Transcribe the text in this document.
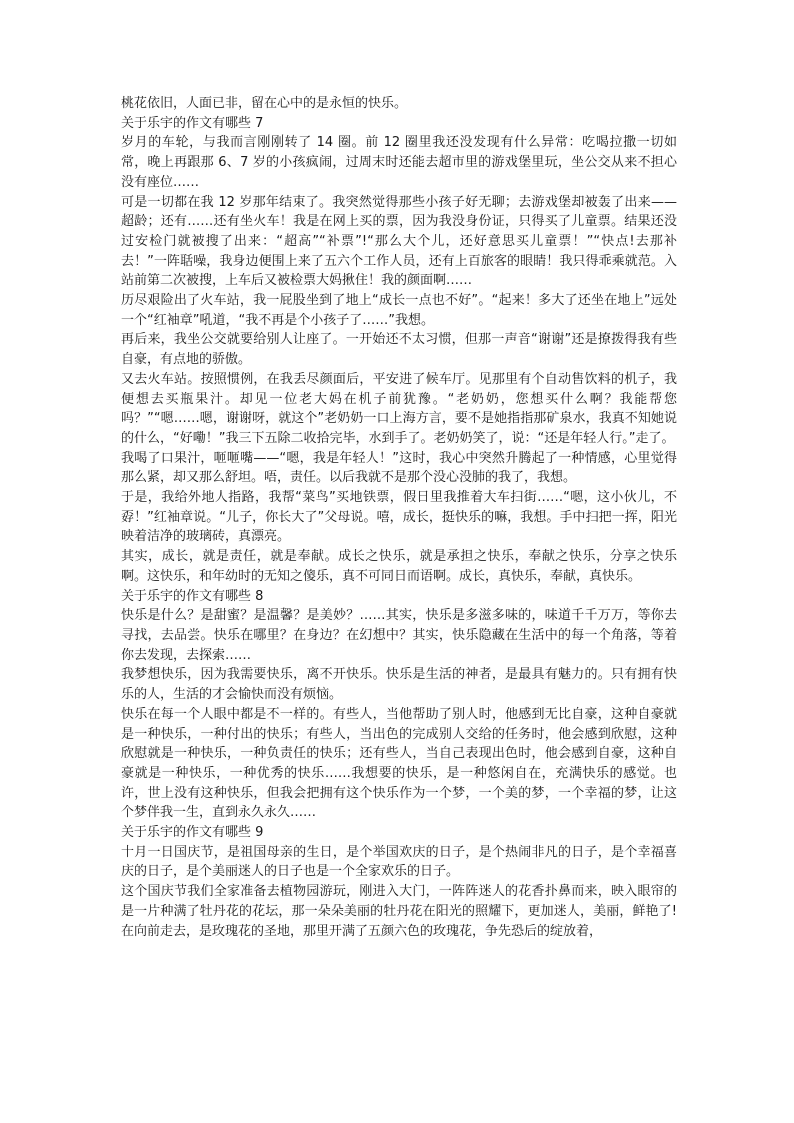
桃花依旧，人面已非，留在心中的是永恒的快乐。

关于乐宇的作文有哪些 7

岁月的车轮，与我而言刚刚转了 14 圈。前 12 圈里我还没发现有什么异常：吃喝拉撒一切如常，晚上再跟那 6、7 岁的小孩疯闹，过周末时还能去超市里的游戏堡里玩，坐公交从来不担心没有座位……

可是一切都在我 12 岁那年结束了。我突然觉得那些小孩子好无聊；去游戏堡却被轰了出来——超龄；还有……还有坐火车！我是在网上买的票，因为我没身份证，只得买了儿童票。结果还没过安检门就被搜了出来：“超高”“补票”!“那么大个儿，还好意思买儿童票！”“快点!去那补去！”一阵聒噪，我身边便围上来了五六个工作人员，还有上百旅客的眼睛！我只得乖乘就范。入站前第二次被搜，上车后又被检票大妈揪住！我的颜面啊……

历尽艰险出了火车站，我一屁股坐到了地上“成长一点也不好”。“起来！多大了还坐在地上”远处一个“红袖章”吼道，“我不再是个小孩子了……”我想。

再后来，我坐公交就要给别人让座了。一开始还不太习惯，但那一声音“谢谢”还是撩拨得我有些自豪，有点地的骄傲。

又去火车站。按照惯例，在我丢尽颜面后，平安进了候车厅。见那里有个自动售饮料的机子，我便想去买瓶果汁。却见一位老大妈在机子前犹豫。“老奶奶，您想买什么啊？我能帮您吗？”“嗯……嗯，谢谢呀，就这个”老奶奶一口上海方言，要不是她指指那矿泉水，我真不知她说的什么，“好嘞！”我三下五除二收拾完毕，水到手了。老奶奶笑了，说：“还是年轻人行。”走了。

我喝了口果汁，咂咂嘴——“嗯，我是年轻人！”这时，我心中突然升腾起了一种情感，心里觉得那么紧，却又那么舒坦。唔，责任。以后我就不是那个没心没肺的我了，我想。

于是，我给外地人指路，我帮“菜鸟”买地铁票，假日里我推着大车扫街……“嗯，这小伙儿，不孬！”红袖章说。“儿子，你长大了”父母说。嘻，成长，挺快乐的嘛，我想。手中扫把一挥，阳光映着洁净的玻璃砖，真漂亮。

其实，成长，就是责任，就是奉献。成长之快乐，就是承担之快乐，奉献之快乐，分享之快乐啊。这快乐，和年幼时的无知之傻乐，真不可同日而语啊。成长，真快乐，奉献，真快乐。

关于乐宇的作文有哪些 8

快乐是什么？是甜蜜？是温馨？是美妙？……其实，快乐是多滋多味的，味道千千万万，等你去寻找，去品尝。快乐在哪里？在身边？在幻想中？其实，快乐隐藏在生活中的每一个角落，等着你去发现，去探索……

我梦想快乐，因为我需要快乐，离不开快乐。快乐是生活的神者，是最具有魅力的。只有拥有快乐的人，生活的才会愉快而没有烦恼。

快乐在每一个人眼中都是不一样的。有些人，当他帮助了别人时，他感到无比自豪，这种自豪就是一种快乐，一种付出的快乐；有些人，当出色的完成别人交给的任务时，他会感到欣慰，这种欣慰就是一种快乐，一种负责任的快乐；还有些人，当自己表现出色时，他会感到自豪，这种自豪就是一种快乐，一种优秀的快乐……我想要的快乐，是一种悠闲自在，充满快乐的感觉。也许，世上没有这种快乐，但我会把拥有这个快乐作为一个梦，一个美的梦，一个幸福的梦，让这个梦伴我一生，直到永久永久……

关于乐宇的作文有哪些 9

十月一日国庆节，是祖国母亲的生日，是个举国欢庆的日子，是个热闹非凡的日子，是个幸福喜庆的日子，是个美丽迷人的日子也是一个全家欢乐的日子。

这个国庆节我们全家准备去植物园游玩，刚进入大门，一阵阵迷人的花香扑鼻而来，映入眼帘的是一片种满了牡丹花的花坛，那一朵朵美丽的牡丹花在阳光的照耀下，更加迷人，美丽，鲜艳了!在向前走去，是玫瑰花的圣地，那里开满了五颜六色的玫瑰花，争先恐后的绽放着，
